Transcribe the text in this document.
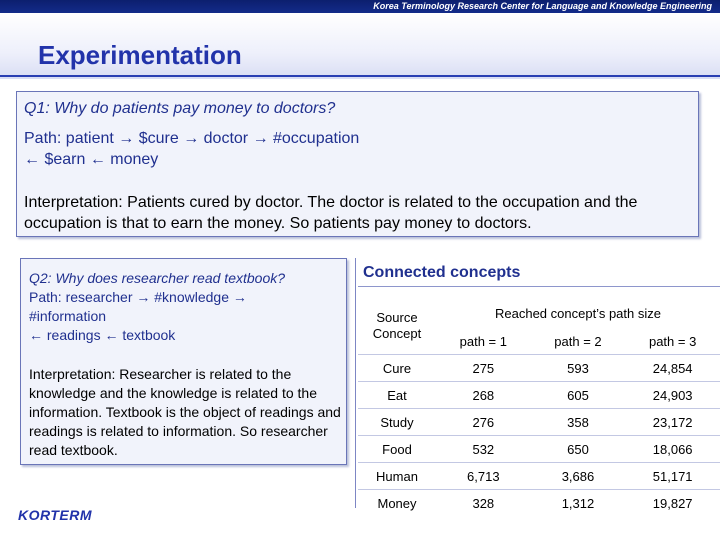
Korea Terminology Research Center for Language and Knowledge Engineering
Experimentation

Q1: Why do patients pay money to doctors?

Path: patient → $cure → doctor → #occupation

← $earn ← money

Interpretation: Patients cured by doctor. The doctor is related to the occupation and the occupation is that to earn the money. So patients pay money to doctors.

Q2: Why does researcher read textbook?

Path: researcher → #knowledge →

#information

← readings ← textbook

Interpretation: Researcher is related to the knowledge and the knowledge is related to the information. Textbook is the object of readings and readings is related to information. So researcher read textbook.

Connected concepts
Source
Concept	Reached concept’s path size		
	path = 1	path = 2	path = 3
Cure	275	593	24,854
Eat	268	605	24,903
Study	276	358	23,172
Food	532	650	18,066
Human	6,713	3,686	51,171
Money	328	1,312	19,827
KORTERM
